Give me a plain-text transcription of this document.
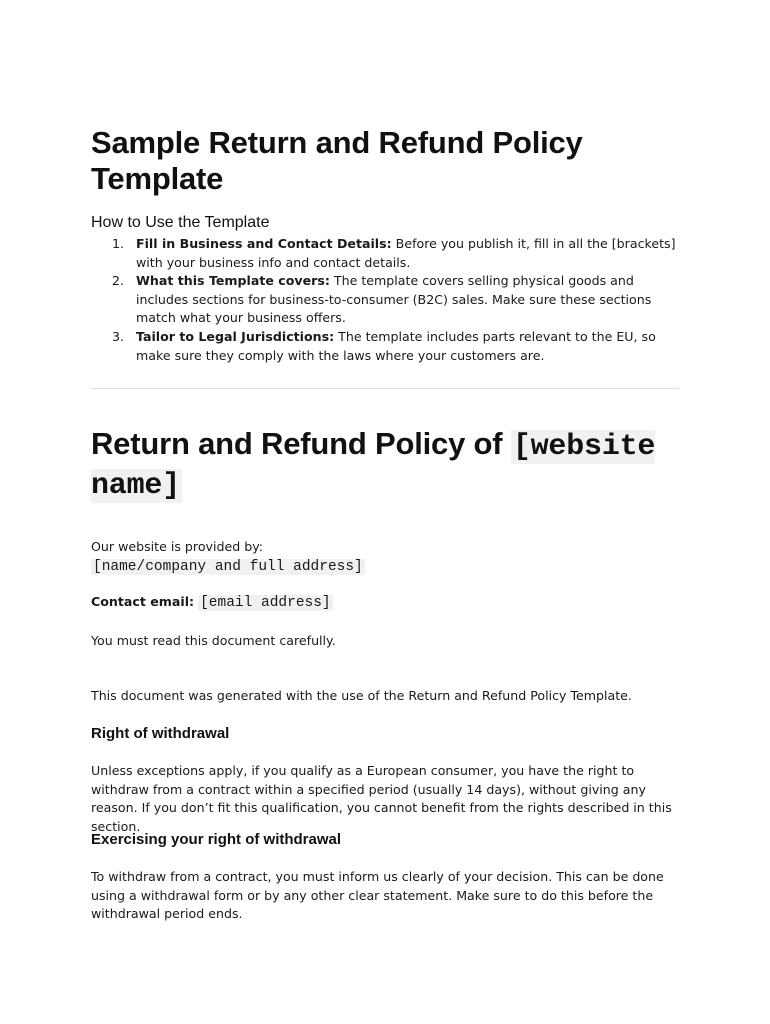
Sample Return and Refund Policy Template
How to Use the Template
1. Fill in Business and Contact Details: Before you publish it, fill in all the [brackets] with your business info and contact details.
2. What this Template covers: The template covers selling physical goods and includes sections for business-to-consumer (B2C) sales. Make sure these sections match what your business offers.
3. Tailor to Legal Jurisdictions: The template includes parts relevant to the EU, so make sure they comply with the laws where your customers are.
Return and Refund Policy of [website name]
Our website is provided by:
[name/company and full address]
Contact email: [email address]
You must read this document carefully.
This document was generated with the use of the Return and Refund Policy Template.
Right of withdrawal
Unless exceptions apply, if you qualify as a European consumer, you have the right to withdraw from a contract within a specified period (usually 14 days), without giving any reason. If you don’t fit this qualification, you cannot benefit from the rights described in this section.
Exercising your right of withdrawal
To withdraw from a contract, you must inform us clearly of your decision. This can be done using a withdrawal form or by any other clear statement. Make sure to do this before the withdrawal period ends.
